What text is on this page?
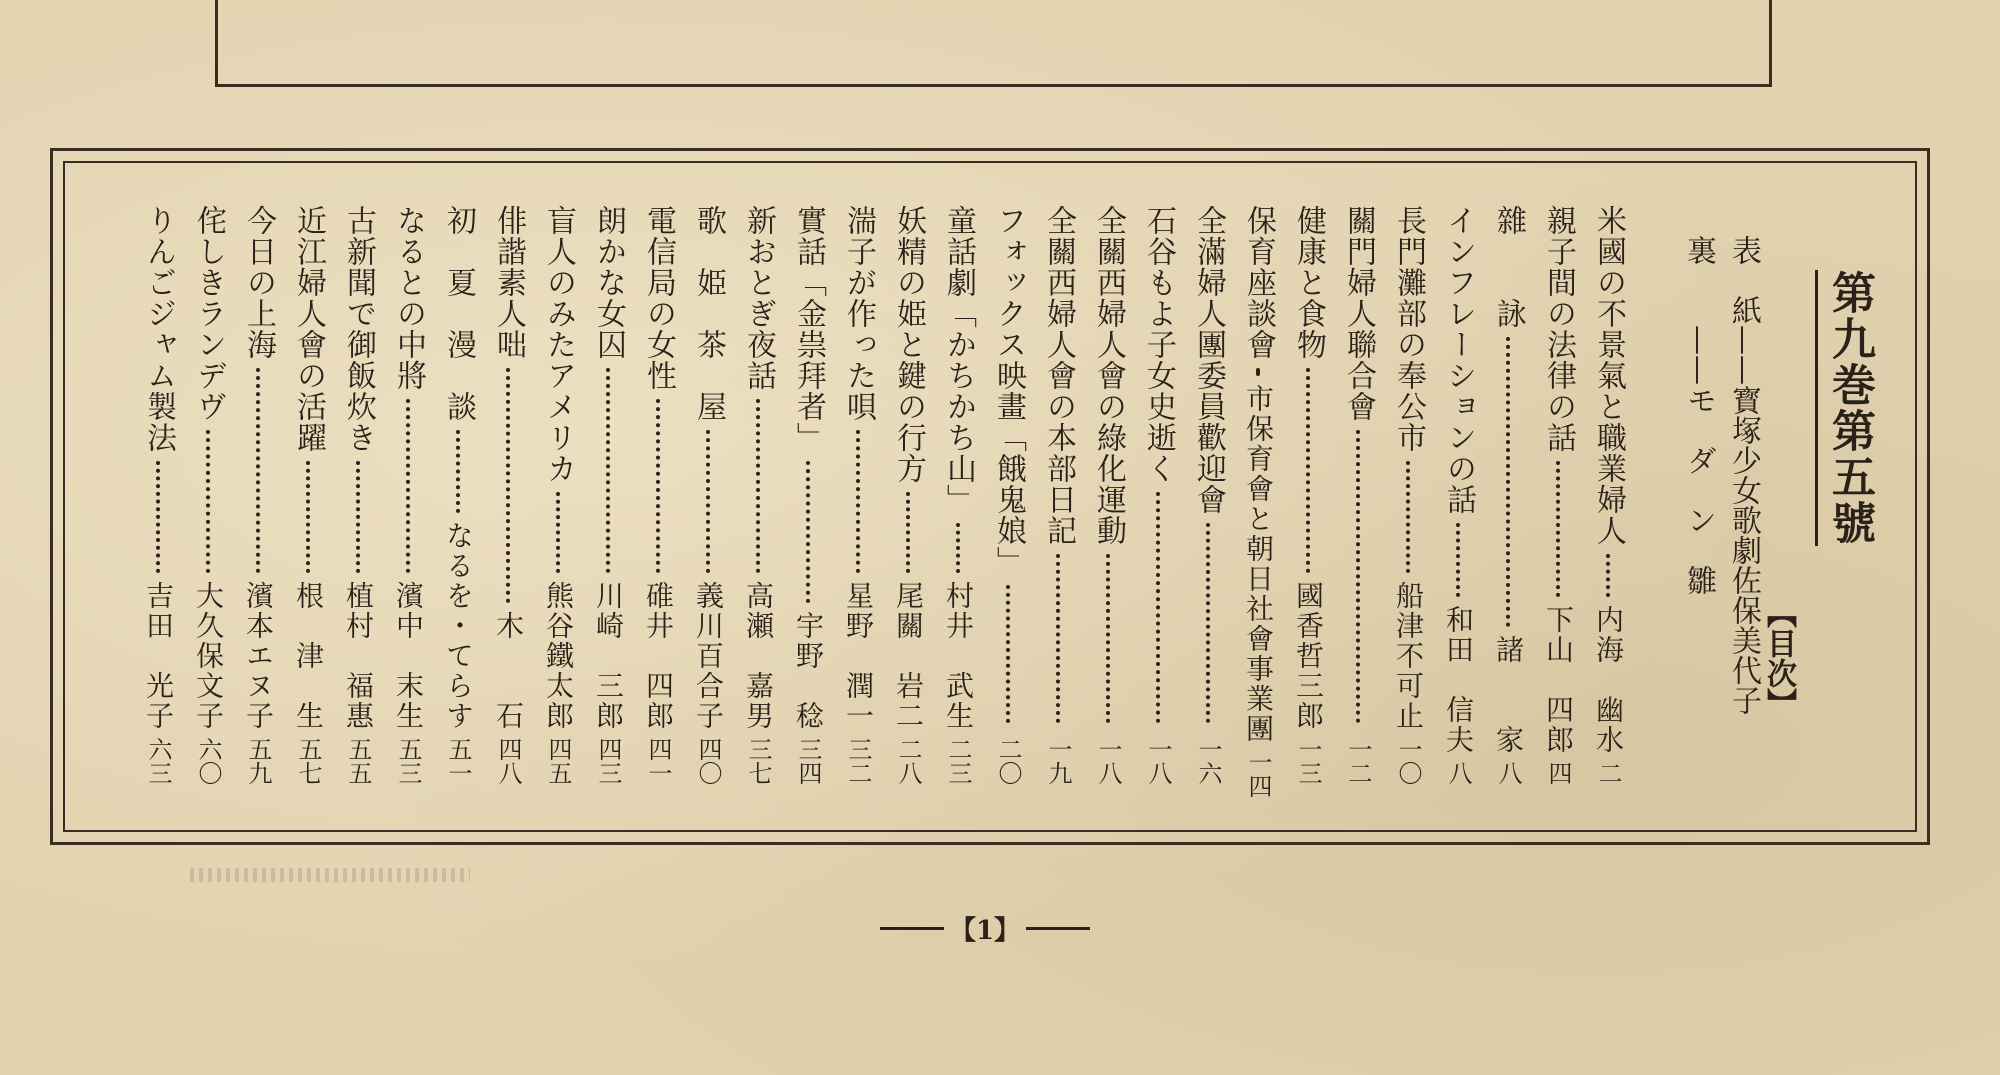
第九巻第五號
【目次】
表　紙——寳塚少女歌劇佐保美代子
裏　　——モ　ダ　ン　雛
米國の不景氣と職業婦人
内海　幽水
二
親子間の法律の話
下山　四郎
四
雜　　詠
諸　　家
八
インフレーションの話
和田　信夫
八
長門灘部の奉公市
船津不可止
一〇
關門婦人聯合會
一二
健康と食物
國香哲三郎
一三
保育座談會
市保育會と朝日社會事業團
一四
全滿婦人團委員歡迎會
一六
石谷もよ子女史逝く
一八
全關西婦人會の綠化運動
一八
全關西婦人會の本部日記
一九
フォックス映畫「餓鬼娘」
二〇
童話劇「かちかち山」
村井　武生
二三
妖精の姫と鍵の行方
尾關　岩二
二八
湍子が作った唄
星野　潤一
三二
實話「金祟拜者」
宇野　稔
三四
新おとぎ夜話
高瀬　嘉男
三七
歌　姫　茶　屋
義川百合子
四〇
電信局の女性
碓井　四郎
四一
朗かな女囚
川崎　三郎
四三
盲人のみたアメリカ
熊谷鐵太郎
四五
俳諧素人咄
木　　石
四八
初　夏　漫　談
なるを・てらす
五一
なるとの中將
濱中　末生
五三
古新聞で御飯炊き
植村　福惠
五五
近江婦人會の活躍
根　津　生
五七
今日の上海
濱本エヌ子
五九
侘しきランデヴ
大久保文子
六〇
りんごジャム製法
吉田　光子
六三
【1】
